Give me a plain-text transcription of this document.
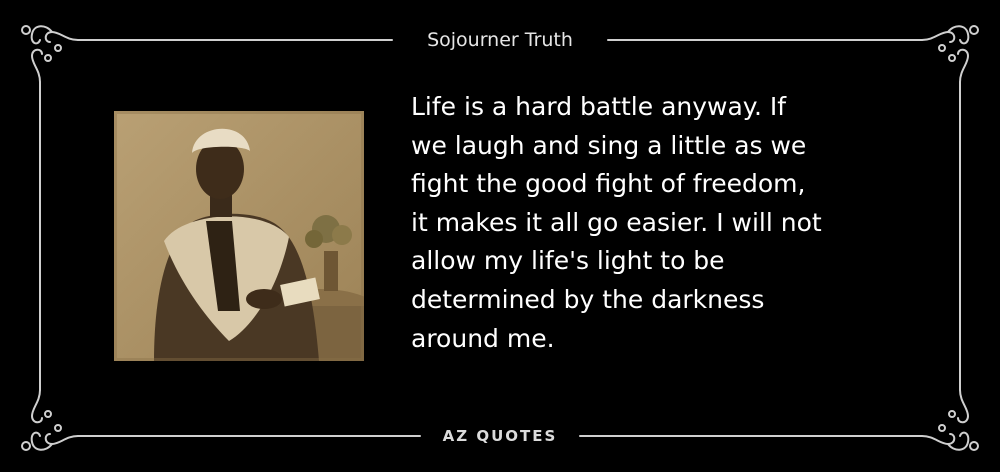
Sojourner Truth
Life is a hard battle anyway. If
we laugh and sing a little as we
fight the good fight of freedom,
it makes it all go easier. I will not
allow my life's light to be
determined by the darkness
around me.
AZ QUOTES
